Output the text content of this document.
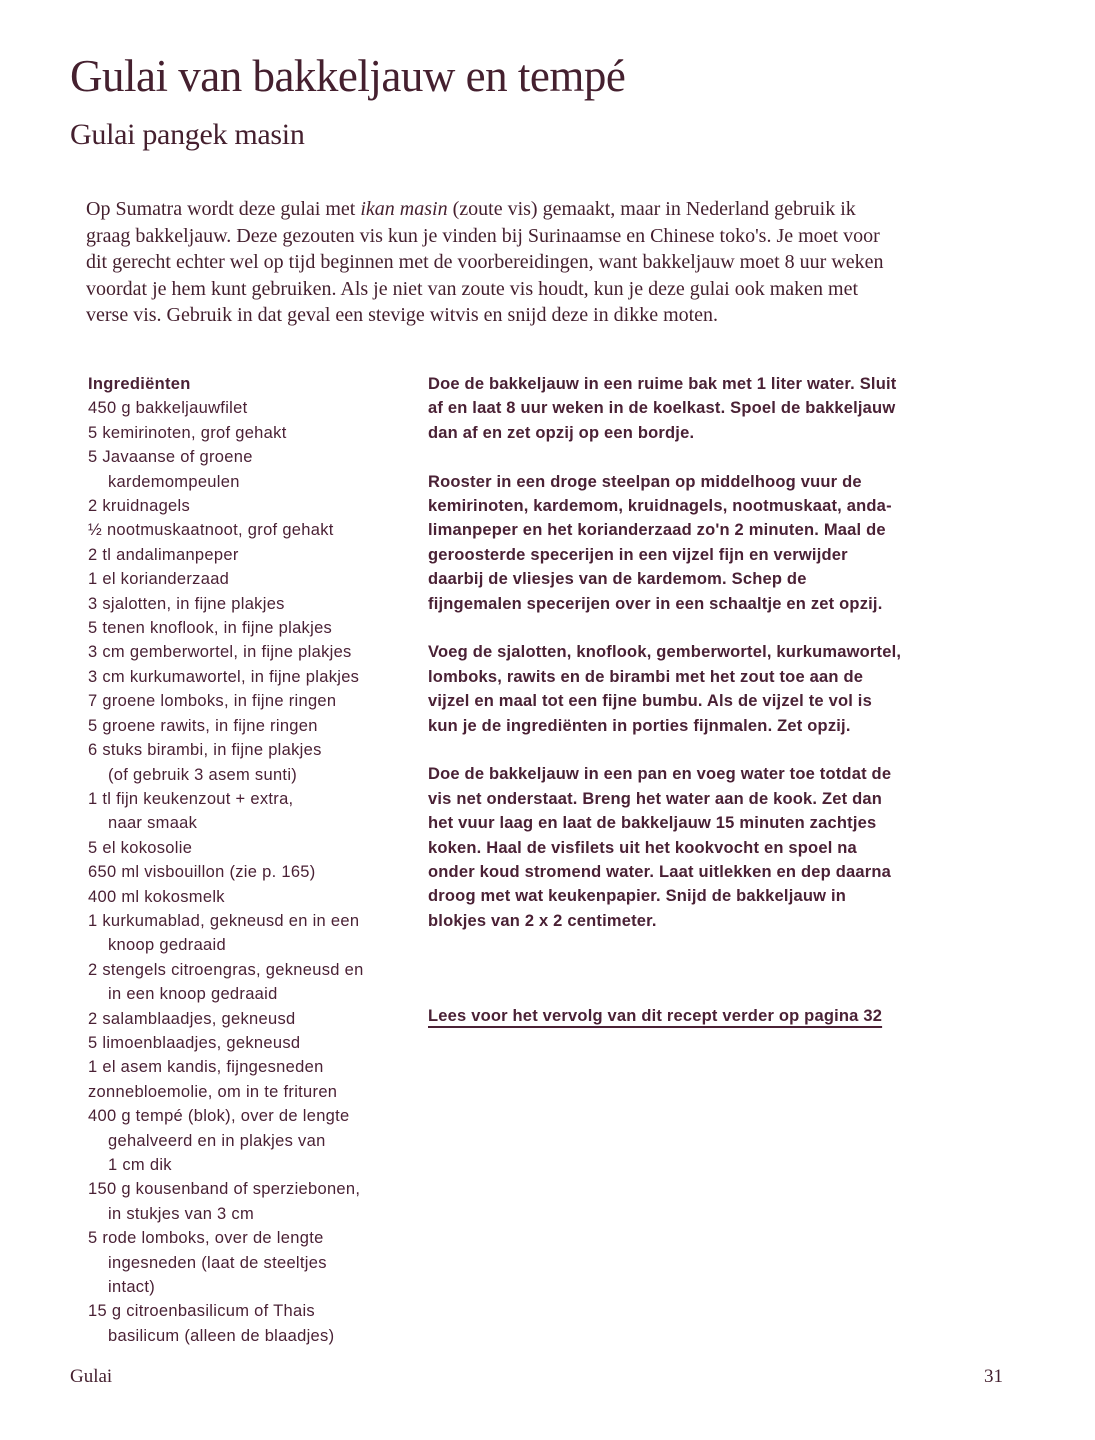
Gulai van bakkeljauw en tempé
Gulai pangek masin

Op Sumatra wordt deze gulai met ikan masin (zoute vis) gemaakt, maar in Nederland gebruik ik graag bakkeljauw. Deze gezouten vis kun je vinden bij Surinaamse en Chinese toko's. Je moet voor dit gerecht echter wel op tijd beginnen met de voorbereidingen, want bakkeljauw moet 8 uur weken voordat je hem kunt gebruiken. Als je niet van zoute vis houdt, kun je deze gulai ook maken met verse vis. Gebruik in dat geval een stevige witvis en snijd deze in dikke moten.

Ingrediënten
450 g bakkeljauwfilet
5 kemirinoten, grof gehakt
5 Javaanse of groene
kardemompeulen
2 kruidnagels
½ nootmuskaatnoot, grof gehakt
2 tl andalimanpeper
1 el korianderzaad
3 sjalotten, in fijne plakjes
5 tenen knoflook, in fijne plakjes
3 cm gemberwortel, in fijne plakjes
3 cm kurkumawortel, in fijne plakjes
7 groene lomboks, in fijne ringen
5 groene rawits, in fijne ringen
6 stuks birambi, in fijne plakjes
(of gebruik 3 asem sunti)
1 tl fijn keukenzout + extra,
naar smaak
5 el kokosolie
650 ml visbouillon (zie p. 165)
400 ml kokosmelk
1 kurkumablad, gekneusd en in een
knoop gedraaid
2 stengels citroengras, gekneusd en
in een knoop gedraaid
2 salamblaadjes, gekneusd
5 limoenblaadjes, gekneusd
1 el asem kandis, fijngesneden
zonnebloemolie, om in te frituren
400 g tempé (blok), over de lengte
gehalveerd en in plakjes van
1 cm dik
150 g kousenband of sperziebonen,
in stukjes van 3 cm
5 rode lomboks, over de lengte
ingesneden (laat de steeltjes
intact)
15 g citroenbasilicum of Thais
basilicum (alleen de blaadjes)

Doe de bakkeljauw in een ruime bak met 1 liter water. Sluit af en laat 8 uur weken in de koelkast. Spoel de bakkeljauw dan af en zet opzij op een bordje.

Rooster in een droge steelpan op middelhoog vuur de kemirinoten, kardemom, kruidnagels, nootmuskaat, andalimanpeper en het korianderzaad zo'n 2 minuten. Maal de geroosterde specerijen in een vijzel fijn en verwijder daarbij de vliesjes van de kardemom. Schep de fijngemalen specerijen over in een schaaltje en zet opzij.

Voeg de sjalotten, knoflook, gemberwortel, kurkumawortel, lomboks, rawits en de birambi met het zout toe aan de vijzel en maal tot een fijne bumbu. Als de vijzel te vol is kun je de ingrediënten in porties fijnmalen. Zet opzij.

Doe de bakkeljauw in een pan en voeg water toe totdat de vis net onderstaat. Breng het water aan de kook. Zet dan het vuur laag en laat de bakkeljauw 15 minuten zachtjes koken. Haal de visfilets uit het kookvocht en spoel na onder koud stromend water. Laat uitlekken en dep daarna droog met wat keukenpapier. Snijd de bakkeljauw in blokjes van 2 x 2 centimeter.

Lees voor het vervolg van dit recept verder op pagina 32
Gulai	31
